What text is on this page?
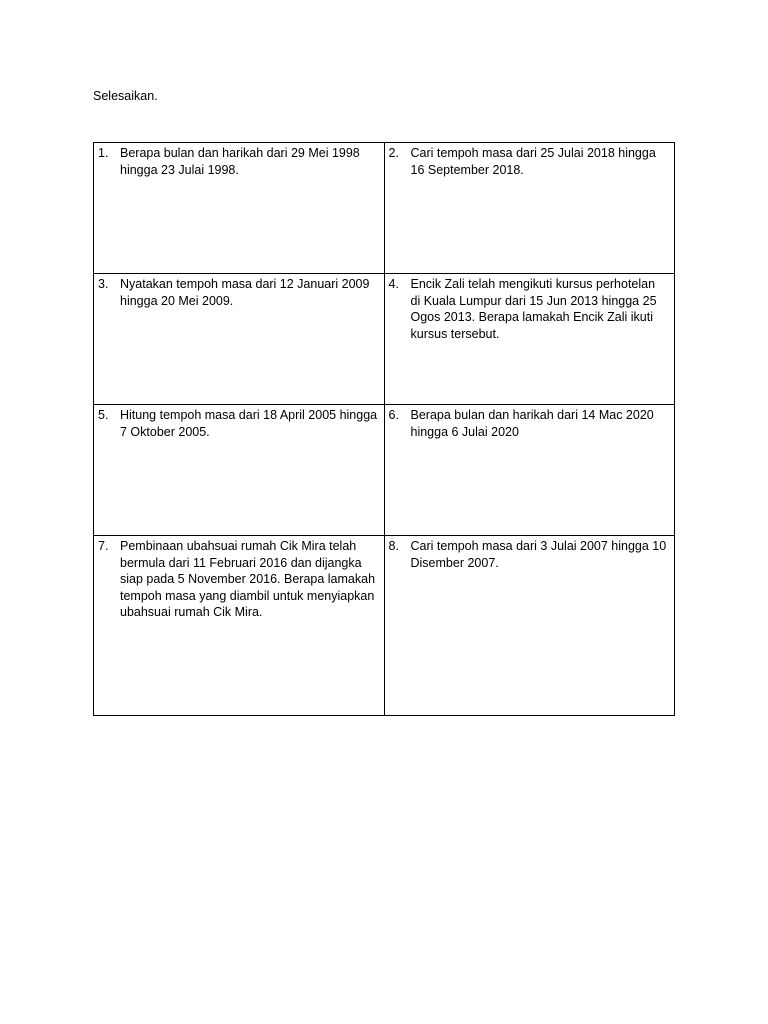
Selesaikan.
1. Berapa bulan dan harikah dari 29 Mei 1998 hingga 23 Julai 1998.	2. Cari tempoh masa dari 25 Julai 2018 hingga 16 September 2018.

3. Nyatakan tempoh masa dari 12 Januari 2009 hingga 20 Mei 2009.	4. Encik Zali telah mengikuti kursus perhotelan di Kuala Lumpur dari 15 Jun 2013 hingga 25 Ogos 2013. Berapa lamakah Encik Zali ikuti kursus tersebut.

5. Hitung tempoh masa dari 18 April 2005 hingga 7 Oktober 2005.	6. Berapa bulan dan harikah dari 14 Mac 2020 hingga 6 Julai 2020

7. Pembinaan ubahsuai rumah Cik Mira telah bermula dari 11 Februari 2016 dan dijangka siap pada 5 November 2016. Berapa lamakah tempoh masa yang diambil untuk menyiapkan ubahsuai rumah Cik Mira.	8. Cari tempoh masa dari 3 Julai 2007 hingga 10 Disember 2007.
